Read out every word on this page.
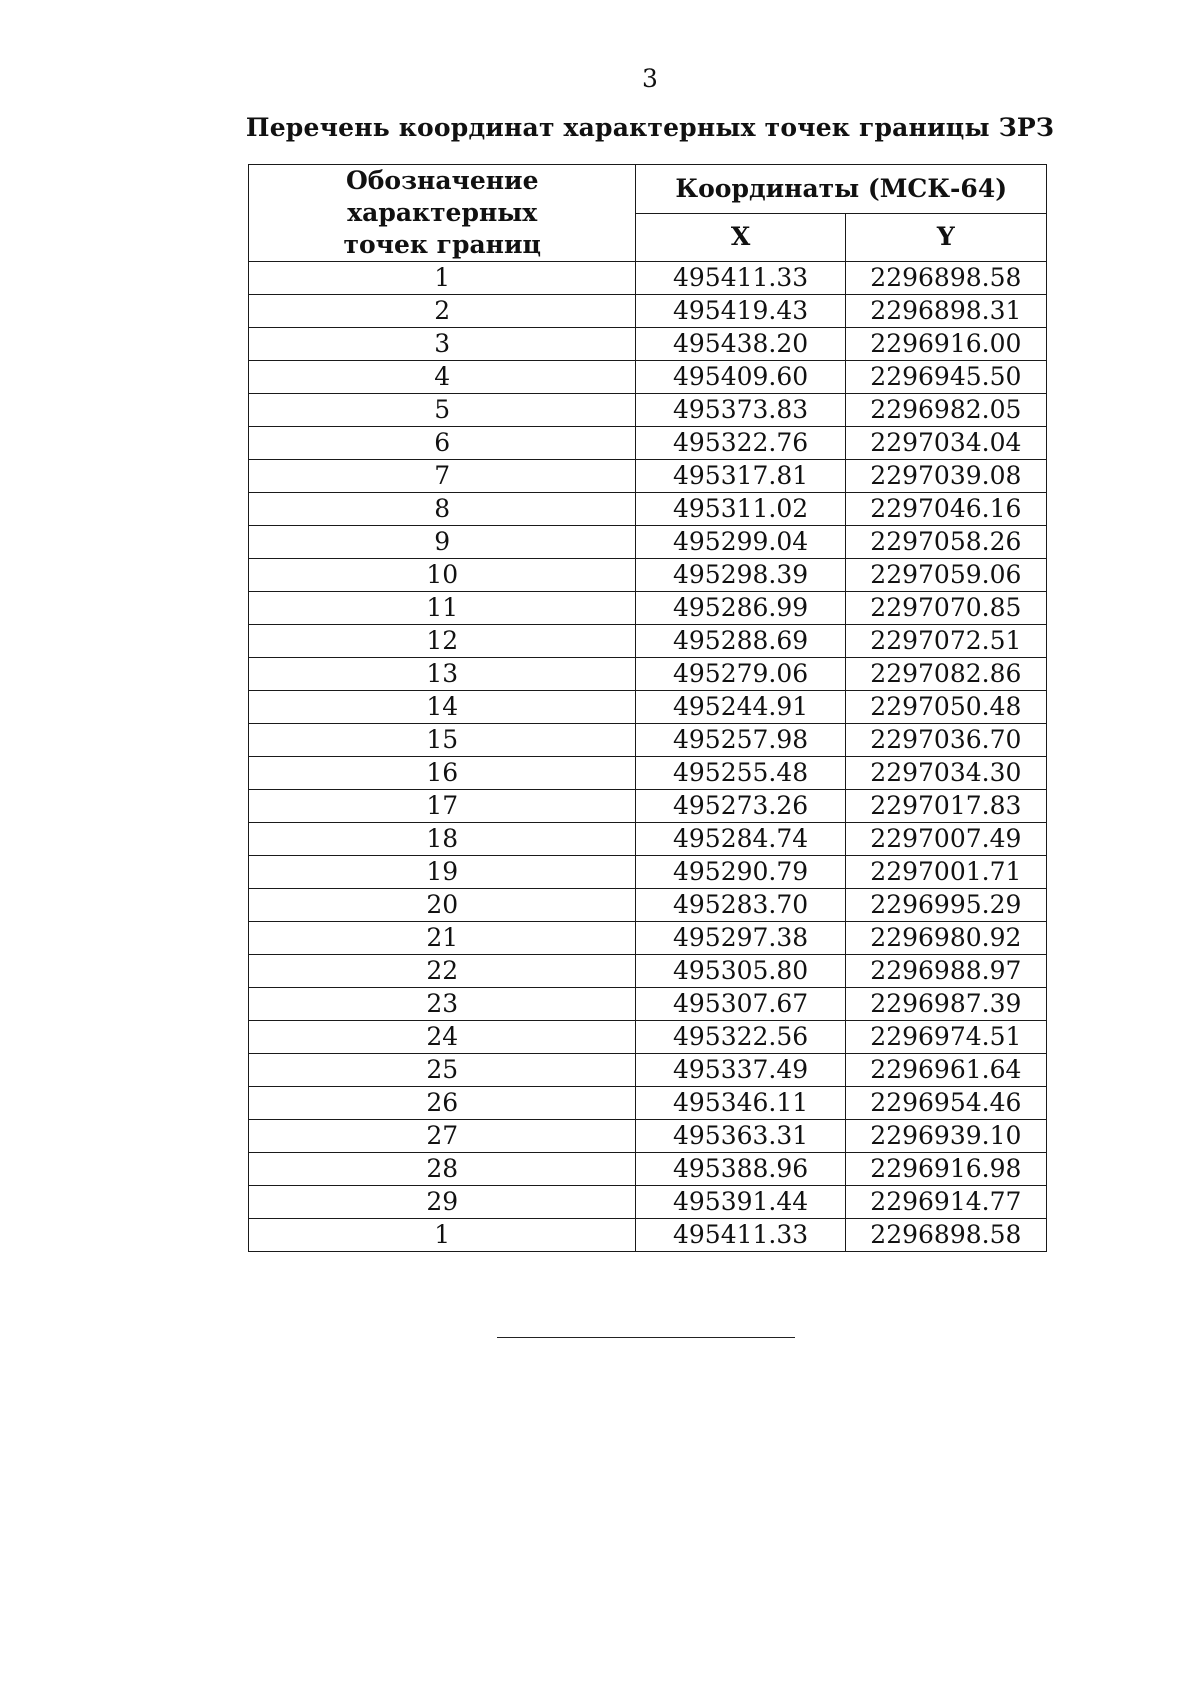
3
Перечень координат характерных точек границы ЗРЗ
Обозначение характерных
точек границ	Координаты (МСК-64)	
	X	Y
1	495411.33	2296898.58
2	495419.43	2296898.31
3	495438.20	2296916.00
4	495409.60	2296945.50
5	495373.83	2296982.05
6	495322.76	2297034.04
7	495317.81	2297039.08
8	495311.02	2297046.16
9	495299.04	2297058.26
10	495298.39	2297059.06
11	495286.99	2297070.85
12	495288.69	2297072.51
13	495279.06	2297082.86
14	495244.91	2297050.48
15	495257.98	2297036.70
16	495255.48	2297034.30
17	495273.26	2297017.83
18	495284.74	2297007.49
19	495290.79	2297001.71
20	495283.70	2296995.29
21	495297.38	2296980.92
22	495305.80	2296988.97
23	495307.67	2296987.39
24	495322.56	2296974.51
25	495337.49	2296961.64
26	495346.11	2296954.46
27	495363.31	2296939.10
28	495388.96	2296916.98
29	495391.44	2296914.77
1	495411.33	2296898.58
